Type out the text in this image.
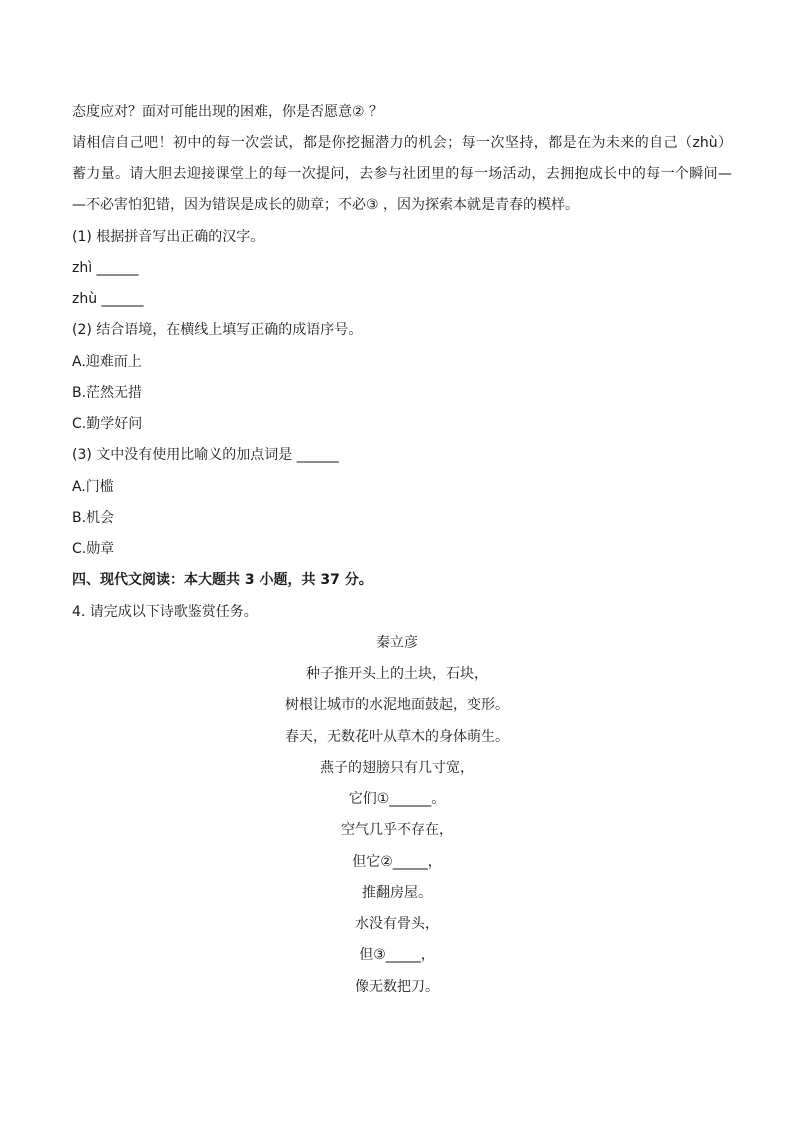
态度应对？面对可能出现的困难，你是否愿意② ？
请相信自己吧！初中的每一次尝试，都是你挖掘潜力的机会；每一次坚持，都是在为未来的自己（zhù）
蓄力量。请大胆去迎接课堂上的每一次提问，去参与社团里的每一场活动，去拥抱成长中的每一个瞬间—
—不必害怕犯错，因为错误是成长的勋章；不必③ ，因为探索本就是青春的模样。
(1) 根据拼音写出正确的汉字。
zhì ______
zhù ______
(2) 结合语境，在横线上填写正确的成语序号。
A.迎难而上
B.茫然无措
C.勤学好问
(3) 文中没有使用比喻义的加点词是 ______
A.门槛
B.机会
C.勋章
四、现代文阅读：本大题共 3 小题，共 37 分。
4. 请完成以下诗歌鉴赏任务。
秦立彦
种子推开头上的土块，石块，
树根让城市的水泥地面鼓起，变形。
春天，无数花叶从草木的身体萌生。
燕子的翅膀只有几寸宽，
它们①______。
空气几乎不存在，
但它②_____，
推翻房屋。
水没有骨头，
但③_____，
像无数把刀。
